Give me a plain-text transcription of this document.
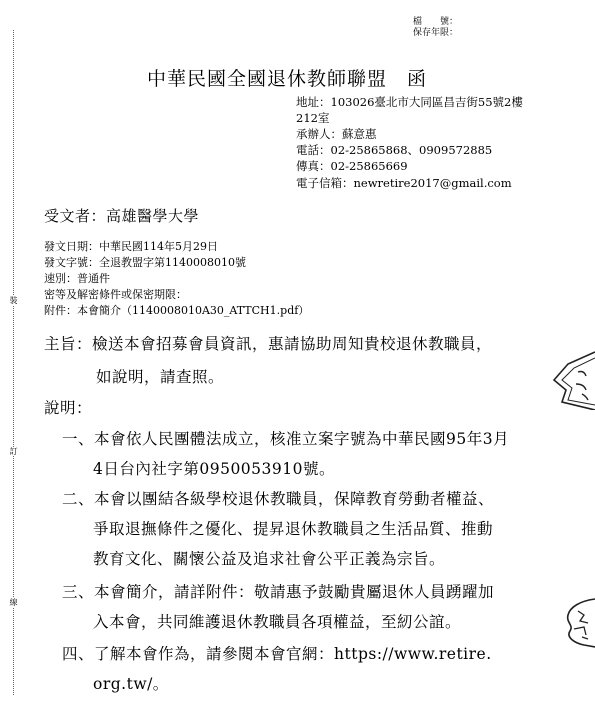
裝
訂
線
檔　　號：
保存年限：
中華民國全國退休教師聯盟　函
地址：103026臺北市大同區昌吉街55號2樓
212室
承辦人：蘇意惠
電話：02-25865868、0909572885
傳真：02-25865669
電子信箱：newretire2017@gmail.com
受文者：高雄醫學大學
發文日期：中華民國114年5月29日
發文字號：全退教盟字第1140008010號
速別：普通件
密等及解密條件或保密期限：
附件：本會簡介（1140008010A30_ATTCH1.pdf）
主旨：檢送本會招募會員資訊，惠請協助周知貴校退休教職員，
如說明，請查照。
說明：
一、本會依人民團體法成立，核准立案字號為中華民國95年3月
4日台內社字第0950053910號。
二、本會以團結各級學校退休教職員，保障教育勞動者權益、
爭取退撫條件之優化、提昇退休教職員之生活品質、推動
教育文化、關懷公益及追求社會公平正義為宗旨。
三、本會簡介，請詳附件：敬請惠予鼓勵貴屬退休人員踴躍加
入本會，共同維護退休教職員各項權益，至紉公誼。
四、了解本會作為，請參閱本會官網：https://www.retire.
org.tw/。
